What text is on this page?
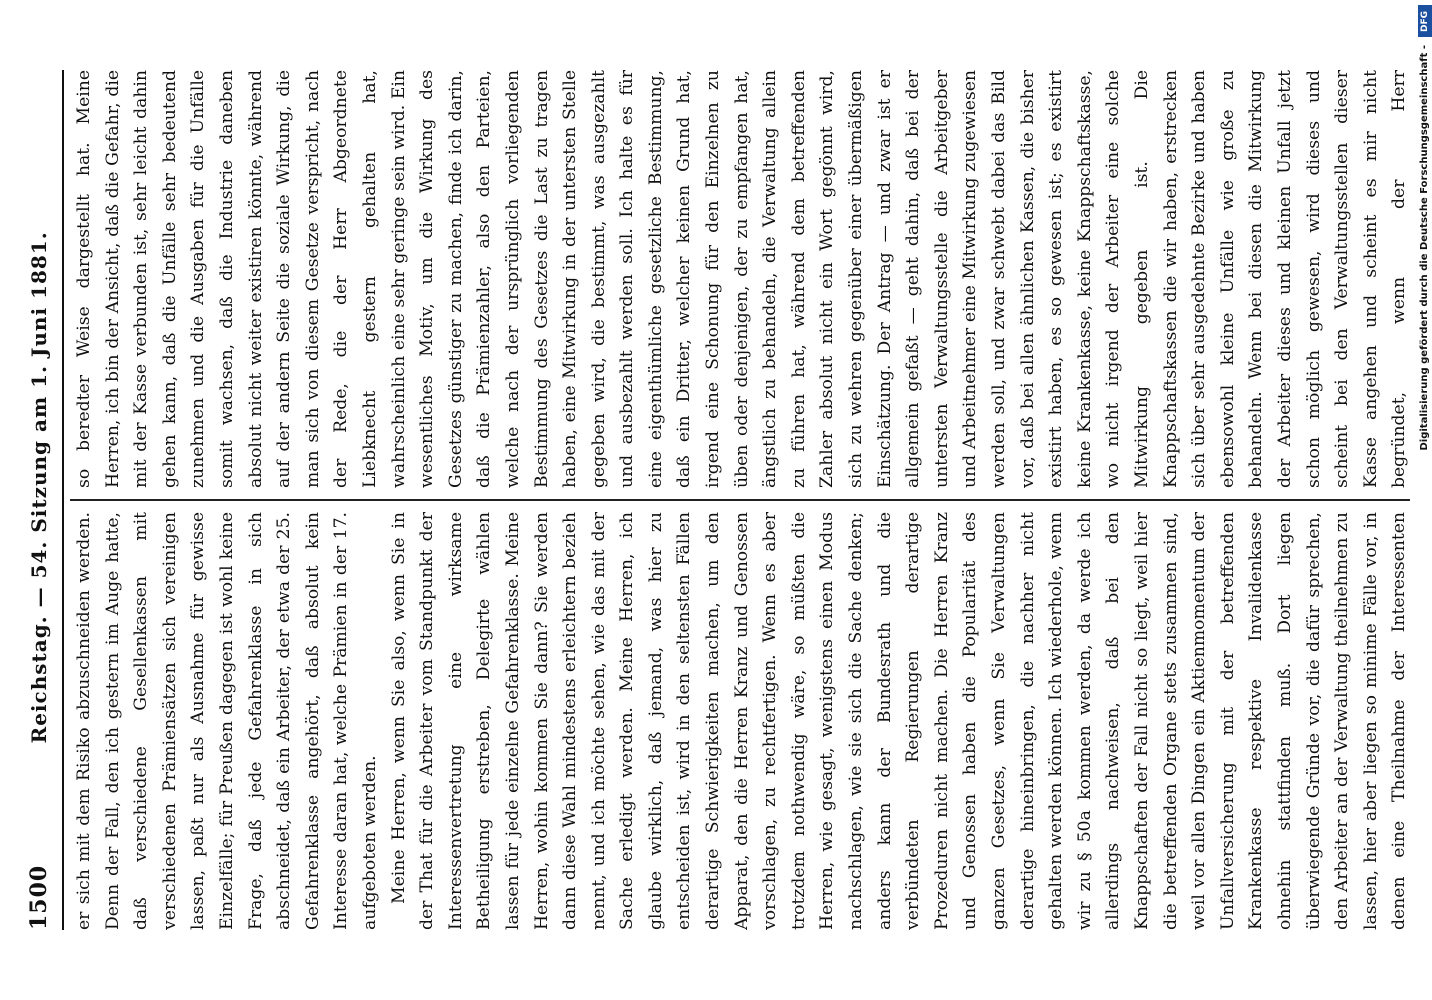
1500
Reichstag. — 54. Sitzung am 1. Juni 1881. er sich mit dem Risiko abzuschneiden werden. Denn der Fall, den ich gestern im Auge hatte, daß verschiedene Gesellenkassen mit verschiedenen Prämiensätzen sich vereinigen lassen, paßt nur als Ausnahme für gewisse Einzelfälle; für Preußen dagegen ist wohl keine Frage, daß jede Gefahrenklasse in sich abschneidet, daß ein Arbeiter, der etwa der 25. Gefahrenklasse angehört, daß absolut kein Interesse daran hat, welche Prämien in der 17. aufgeboten werden. Meine Herren, wenn Sie also, wenn Sie in der That für die Arbeiter vom Standpunkt der Interessenvertretung eine wirksame Betheiligung erstreben, Delegirte wählen lassen für jede einzelne Gefahrenklasse. Meine Herren, wohin kommen Sie dann? Sie werden dann diese Wahl mindestens erleichtern bezieh nennt, und ich möchte sehen, wie das mit der Sache erledigt werden. Meine Herren, ich glaube wirklich, daß jemand, was hier zu entscheiden ist, wird in den seltensten Fällen derartige Schwierigkeiten machen, um den Apparat, den die Herren Kranz und Genossen vorschlagen, zu rechtfertigen. Wenn es aber trotzdem nothwendig wäre, so müßten die Herren, wie gesagt, wenigstens einen Modus nachschlagen, wie sie sich die Sache denken; anders kann der Bundesrath und die verbündeten Regierungen derartige Prozeduren nicht machen. Die Herren Kranz und Genossen haben die Popularität des ganzen Gesetzes, wenn Sie Verwaltungen derartige hineinbringen, die nachher nicht gehalten werden können. Ich wiederhole, wenn wir zu § 50a kommen werden, da werde ich allerdings nachweisen, daß bei den Knappschaften der Fall nicht so liegt, weil hier die betreffenden Organe stets zusammen sind, weil vor allen Dingen ein Aktienmomentum der Unfallversicherung mit der betreffenden Krankenkasse respektive Invalidenkasse ohnehin stattfinden muß. Dort liegen überwiegende Gründe vor, die dafür sprechen, den Arbeiter an der Verwaltung theilnehmen zu lassen, hier aber liegen so minime Fälle vor, in denen eine Theilnahme der Interessenten

so beredter Weise dargestellt hat. Meine Herren, ich bin der Ansicht, daß die Gefahr, die mit der Kasse verbunden ist, sehr leicht dahin gehen kann, daß die Unfälle sehr bedeutend zunehmen und die Ausgaben für die Unfälle somit wachsen, daß die Industrie daneben absolut nicht weiter existiren könnte, während auf der andern Seite die soziale Wirkung, die man sich von diesem Gesetze verspricht, nach der Rede, die der Herr Abgeordnete Liebknecht gestern gehalten hat, wahrscheinlich eine sehr geringe sein wird. Ein wesentliches Motiv, um die Wirkung des Gesetzes günstiger zu machen, finde ich darin, daß die Prämienzahler, also den Parteien, welche nach der ursprünglich vorliegenden Bestimmung des Gesetzes die Last zu tragen haben, eine Mitwirkung in der untersten Stelle gegeben wird, die bestimmt, was ausgezahlt und ausbezahlt werden soll. Ich halte es für eine eigenthümliche gesetzliche Bestimmung, daß ein Dritter, welcher keinen Grund hat, irgend eine Schonung für den Einzelnen zu üben oder denjenigen, der zu empfangen hat, ängstlich zu behandeln, die Verwaltung allein zu führen hat, während dem betreffenden Zahler absolut nicht ein Wort gegönnt wird, sich zu wehren gegenüber einer übermäßigen Einschätzung. Der Antrag — und zwar ist er allgemein gefaßt — geht dahin, daß bei der untersten Verwaltungsstelle die Arbeitgeber und Arbeitnehmer eine Mitwirkung zugewiesen werden soll, und zwar schwebt dabei das Bild vor, daß bei allen ähnlichen Kassen, die bisher existirt haben, es so gewesen ist; es existirt keine Krankenkasse, keine Knappschaftskasse, wo nicht irgend der Arbeiter eine solche Mitwirkung gegeben ist. Die Knappschaftskassen die wir haben, erstrecken sich über sehr ausgedehnte Bezirke und haben ebensowohl kleine Unfälle wie große zu behandeln. Wenn bei diesen die Mitwirkung der Arbeiter dieses und kleinen Unfall jetzt schon möglich gewesen, wird dieses und scheint bei den Verwaltungsstellen dieser Kasse angehen und scheint es mir nicht begründet, wenn der Herr Digitalisierung gefördert durch die Deutsche Forschungsgemeinschaft -
DFG
